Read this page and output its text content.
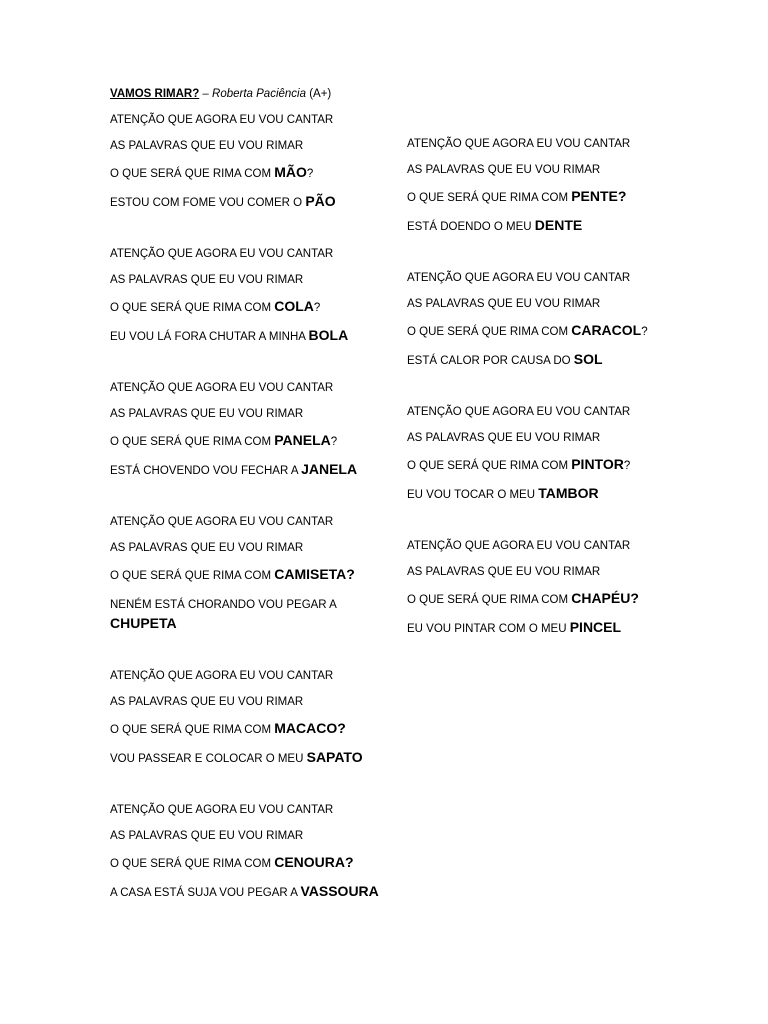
VAMOS RIMAR? – Roberta Paciência (A+)
ATENÇÃO QUE AGORA EU VOU CANTAR
AS PALAVRAS QUE EU VOU RIMAR
O QUE SERÁ QUE RIMA COM MÃO?
ESTOU COM FOME VOU COMER O PÃO
ATENÇÃO QUE AGORA EU VOU CANTAR
AS PALAVRAS QUE EU VOU RIMAR
O QUE SERÁ QUE RIMA COM COLA?
EU VOU LÁ FORA CHUTAR A MINHA BOLA
ATENÇÃO QUE AGORA EU VOU CANTAR
AS PALAVRAS QUE EU VOU RIMAR
O QUE SERÁ QUE RIMA COM PANELA?
ESTÁ CHOVENDO VOU FECHAR A JANELA
ATENÇÃO QUE AGORA EU VOU CANTAR
AS PALAVRAS QUE EU VOU RIMAR
O QUE SERÁ QUE RIMA COM CAMISETA?
NENÉM ESTÁ CHORANDO VOU PEGAR A
CHUPETA
ATENÇÃO QUE AGORA EU VOU CANTAR
AS PALAVRAS QUE EU VOU RIMAR
O QUE SERÁ QUE RIMA COM MACACO?
VOU PASSEAR E COLOCAR O MEU SAPATO
ATENÇÃO QUE AGORA EU VOU CANTAR
AS PALAVRAS QUE EU VOU RIMAR
O QUE SERÁ QUE RIMA COM CENOURA?
A CASA ESTÁ SUJA VOU PEGAR A VASSOURA
ATENÇÃO QUE AGORA EU VOU CANTAR
AS PALAVRAS QUE EU VOU RIMAR
O QUE SERÁ QUE RIMA COM PENTE?
ESTÁ DOENDO O MEU DENTE
ATENÇÃO QUE AGORA EU VOU CANTAR
AS PALAVRAS QUE EU VOU RIMAR
O QUE SERÁ QUE RIMA COM CARACOL?
ESTÁ CALOR POR CAUSA DO SOL
ATENÇÃO QUE AGORA EU VOU CANTAR
AS PALAVRAS QUE EU VOU RIMAR
O QUE SERÁ QUE RIMA COM PINTOR?
EU VOU TOCAR O MEU TAMBOR
ATENÇÃO QUE AGORA EU VOU CANTAR
AS PALAVRAS QUE EU VOU RIMAR
O QUE SERÁ QUE RIMA COM CHAPÉU?
EU VOU PINTAR COM O MEU PINCEL
